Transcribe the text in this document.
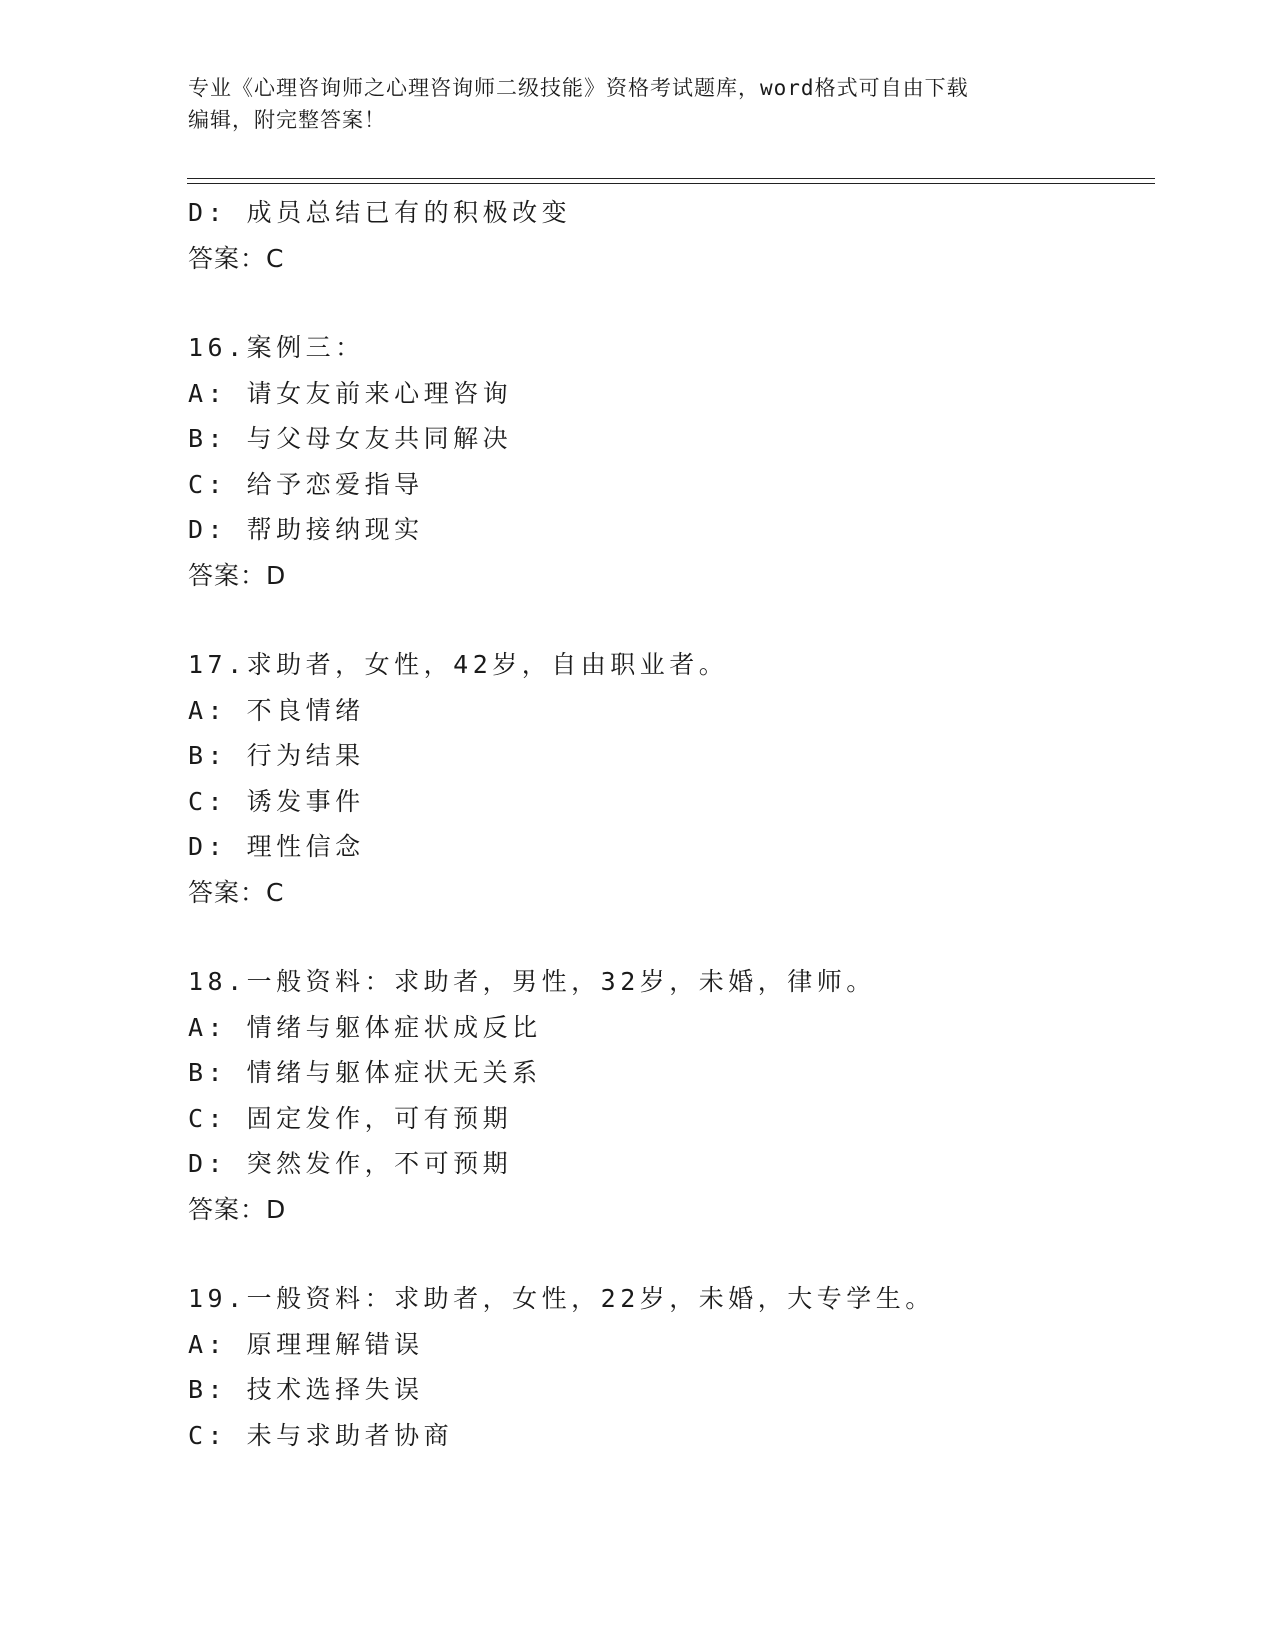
专业《心理咨询师之心理咨询师二级技能》资格考试题库，word格式可自由下载
编辑，附完整答案！
D: 成员总结已有的积极改变
答案：C
16.案例三：
A: 请女友前来心理咨询
B: 与父母女友共同解决
C: 给予恋爱指导
D: 帮助接纳现实
答案：D
17.求助者，女性，42岁，自由职业者。
A: 不良情绪
B: 行为结果
C: 诱发事件
D: 理性信念
答案：C
18.一般资料：求助者，男性，32岁，未婚，律师。
A: 情绪与躯体症状成反比
B: 情绪与躯体症状无关系
C: 固定发作，可有预期
D: 突然发作，不可预期
答案：D
19.一般资料：求助者，女性，22岁，未婚，大专学生。
A: 原理理解错误
B: 技术选择失误
C: 未与求助者协商
